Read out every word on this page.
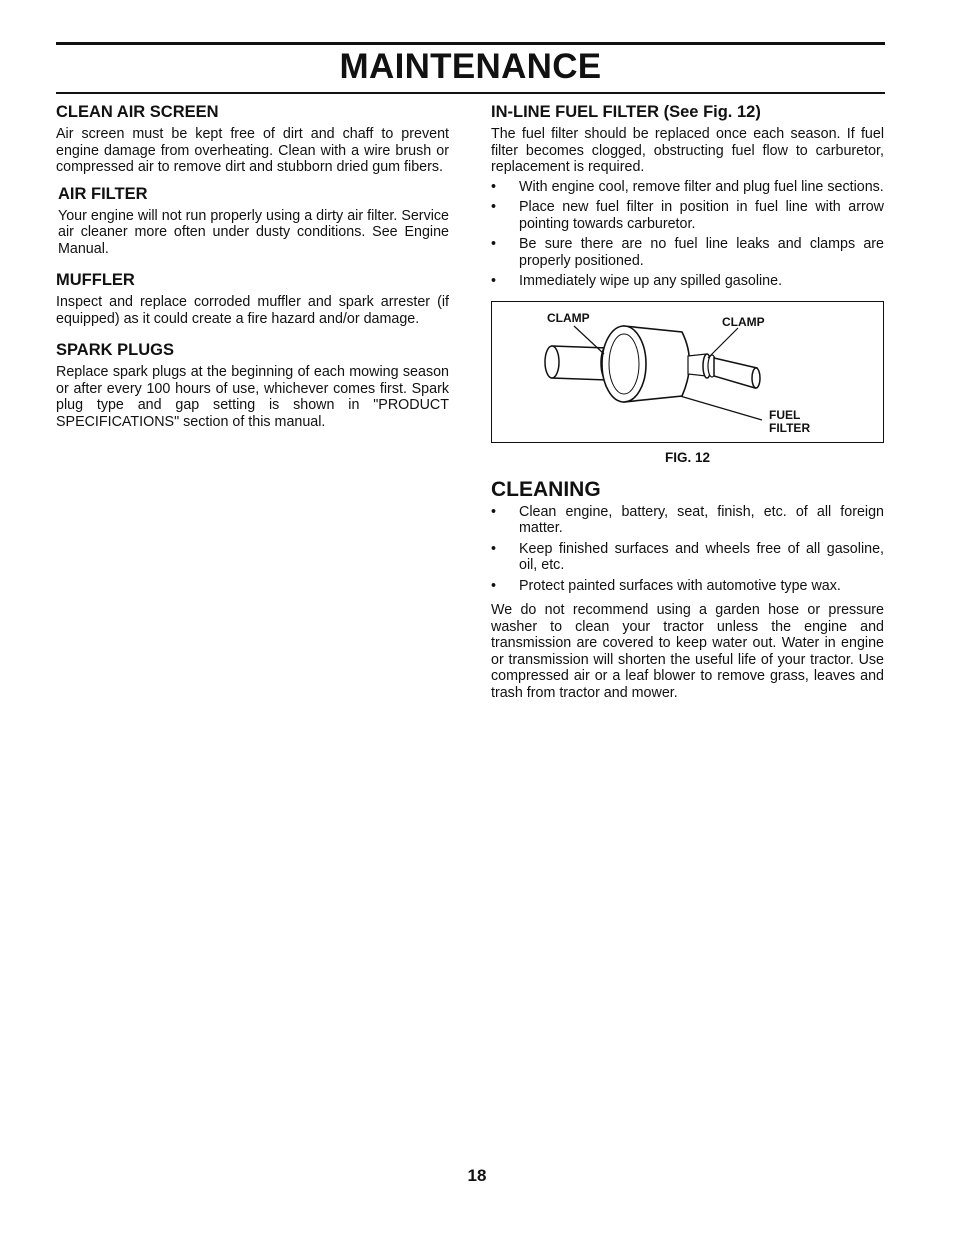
MAINTENANCE
CLEAN AIR SCREEN

Air screen must be kept free of dirt and chaff to prevent engine damage from overheating. Clean with a wire brush or compressed air to remove dirt and stubborn dried gum fibers.

AIR FILTER

Your engine will not run properly using a dirty air filter. Service air cleaner more often under dusty conditions. See Engine Manual.

MUFFLER

Inspect and replace corroded muffler and spark arrester (if equipped) as it could create a fire hazard and/or damage.

SPARK PLUGS

Replace spark plugs at the beginning of each mowing season or after every 100 hours of use, whichever comes first. Spark plug type and gap setting is shown in "PRODUCT SPECIFICATIONS" section of this manual.

IN-LINE FUEL FILTER (See Fig. 12)

The fuel filter should be replaced once each season. If fuel filter becomes clogged, obstructing fuel flow to carburetor, replacement is required.

• With engine cool, remove filter and plug fuel line sections.
• Place new fuel filter in position in fuel line with arrow pointing towards carburetor.
• Be sure there are no fuel line leaks and clamps are properly positioned.
• Immediately wipe up any spilled gasoline.
CLAMP	CLAMP
FUEL
FILTER

FIG. 12

CLEANING
• Clean engine, battery, seat, finish, etc. of all foreign matter.
• Keep finished surfaces and wheels free of all gasoline, oil, etc.
• Protect painted surfaces with automotive type wax.

We do not recommend using a garden hose or pressure washer to clean your tractor unless the engine and transmission are covered to keep water out. Water in engine or transmission will shorten the useful life of your tractor. Use compressed air or a leaf blower to remove grass, leaves and trash from tractor and mower.

18
